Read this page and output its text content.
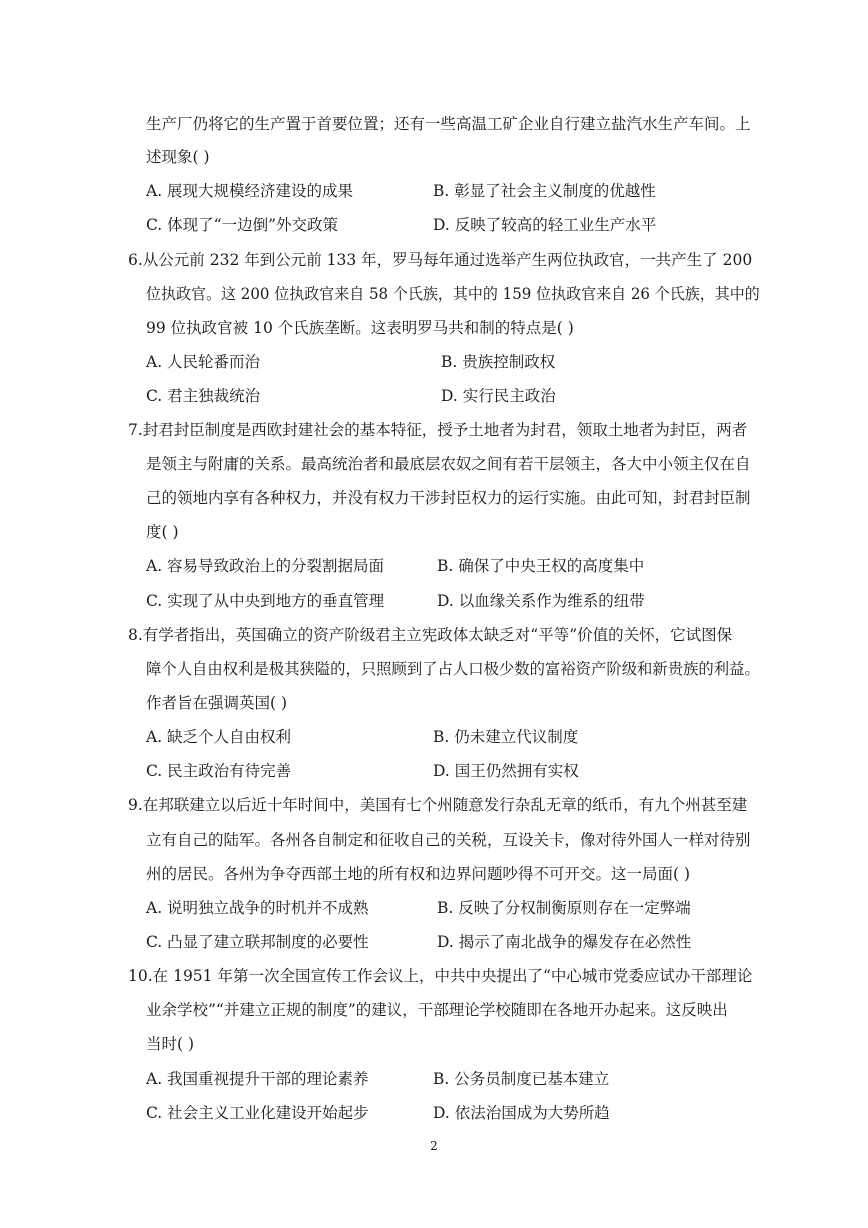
生产厂仍将它的生产置于首要位置；还有一些高温工矿企业自行建立盐汽水生产车间。上
述现象( )
A. 展现大规模经济建设的成果	B. 彰显了社会主义制度的优越性
C. 体现了“一边倒”外交政策	D. 反映了较高的轻工业生产水平
6.从公元前 232 年到公元前 133 年，罗马每年通过选举产生两位执政官，一共产生了 200
位执政官。这 200 位执政官来自 58 个氏族，其中的 159 位执政官来自 26 个氏族，其中的
99 位执政官被 10 个氏族垄断。这表明罗马共和制的特点是( )
A. 人民轮番而治	B. 贵族控制政权
C. 君主独裁统治	D. 实行民主政治
7.封君封臣制度是西欧封建社会的基本特征，授予土地者为封君，领取土地者为封臣，两者
是领主与附庸的关系。最高统治者和最底层农奴之间有若干层领主，各大中小领主仅在自
己的领地内享有各种权力，并没有权力干涉封臣权力的运行实施。由此可知，封君封臣制
度( )
A. 容易导致政治上的分裂割据局面	B. 确保了中央王权的高度集中
C. 实现了从中央到地方的垂直管理	D. 以血缘关系作为维系的纽带
8.有学者指出，英国确立的资产阶级君主立宪政体太缺乏对“平等”价值的关怀，它试图保
障个人自由权利是极其狭隘的，只照顾到了占人口极少数的富裕资产阶级和新贵族的利益。
作者旨在强调英国( )
A. 缺乏个人自由权利	B. 仍未建立代议制度
C. 民主政治有待完善	D. 国王仍然拥有实权
9.在邦联建立以后近十年时间中，美国有七个州随意发行杂乱无章的纸币，有九个州甚至建
立有自己的陆军。各州各自制定和征收自己的关税，互设关卡，像对待外国人一样对待别
州的居民。各州为争夺西部土地的所有权和边界问题吵得不可开交。这一局面( )
A. 说明独立战争的时机并不成熟	B. 反映了分权制衡原则存在一定弊端
C. 凸显了建立联邦制度的必要性	D. 揭示了南北战争的爆发存在必然性
10.在 1951 年第一次全国宣传工作会议上，中共中央提出了“中心城市党委应试办干部理论
业余学校”“并建立正规的制度”的建议，干部理论学校随即在各地开办起来。这反映出
当时( )
A. 我国重视提升干部的理论素养	B. 公务员制度已基本建立
C. 社会主义工业化建设开始起步	D. 依法治国成为大势所趋
2
